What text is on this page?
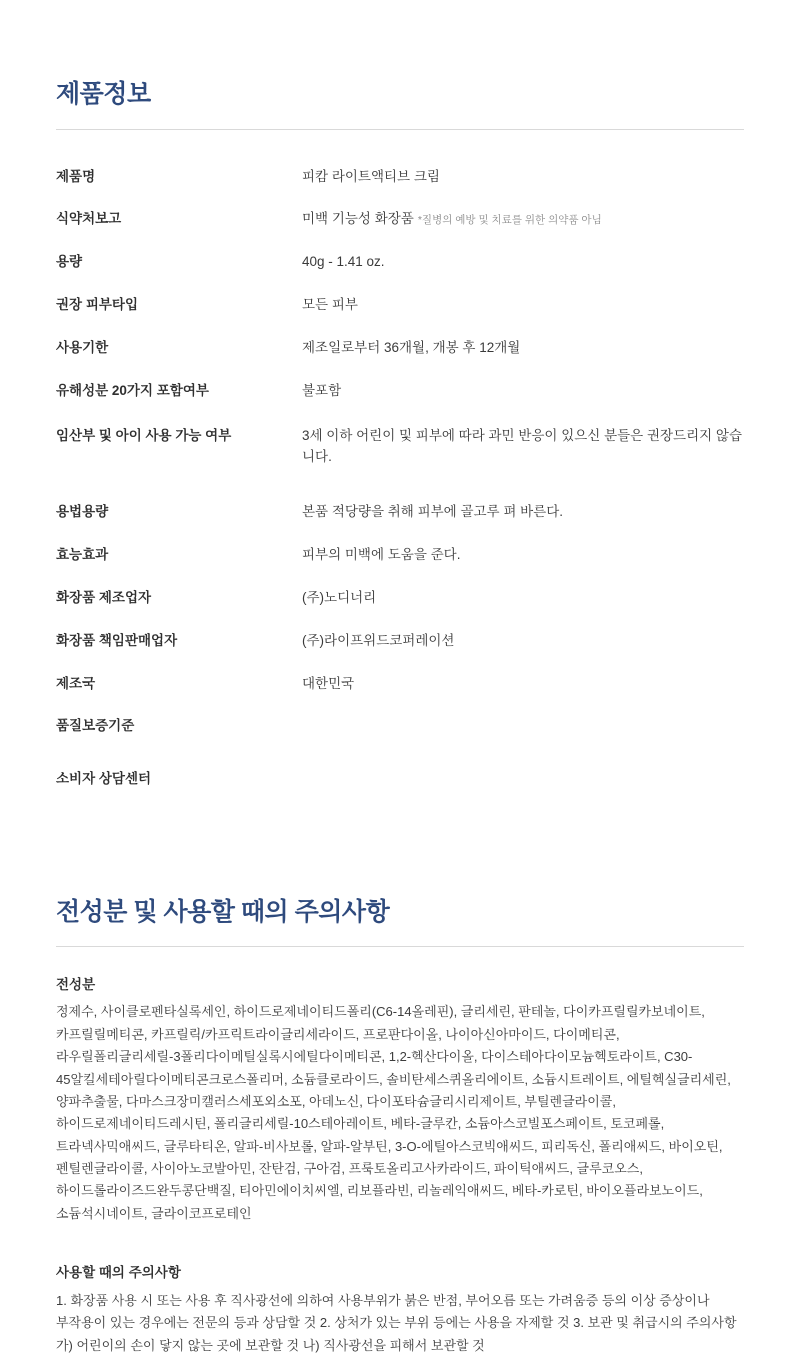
제품정보
제품명	피캄 라이트액티브 크림
식약처보고	미백 기능성 화장품 *질병의 예방 및 치료를 위한 의약품 아님
용량	40g - 1.41 oz.
권장 피부타입	모든 피부
사용기한	제조일로부터 36개월, 개봉 후 12개월
유해성분 20가지 포함여부	불포함
임산부 및 아이 사용 가능 여부	3세 이하 어린이 및 피부에 따라 과민 반응이 있으신 분들은 권장드리지 않습니다.

용법용량	본품 적당량을 취해 피부에 골고루 펴 바른다.
효능효과	피부의 미백에 도움을 준다.
화장품 제조업자	(주)노디너리
화장품 책임판매업자	(주)라이프위드코퍼레이션
제조국	대한민국
품질보증기준	

소비자 상담센터	
전성분 및 사용할 때의 주의사항
전성분

정제수, 사이클로펜타실록세인, 하이드로제네이티드폴리(C6-14올레핀), 글리세린, 판테놀, 다이카프릴릴카보네이트, 카프릴릴메티콘, 카프릴릭/카프릭트라이글리세라이드, 프로판다이올, 나이아신아마이드, 다이메티콘, 라우릴폴리글리세릴-3폴리다이메틸실록시에틸다이메티콘, 1,2-헥산다이올, 다이스테아다이모늄헥토라이트, C30-45알킬세테아릴다이메티콘크로스폴리머, 소듐클로라이드, 솔비탄세스퀴올리에이트, 소듐시트레이트, 에틸헥실글리세린, 양파추출물, 다마스크장미캘러스세포외소포, 아데노신, 다이포타슘글리시리제이트, 부틸렌글라이콜, 하이드로제네이티드레시틴, 폴리글리세릴-10스테아레이트, 베타-글루칸, 소듐아스코빌포스페이트, 토코페롤, 트라넥사믹애씨드, 글루타티온, 알파-비사보롤, 알파-알부틴, 3-O-에틸아스코빅애씨드, 피리독신, 폴리애씨드, 바이오틴, 펜틸렌글라이콜, 사이아노코발아민, 잔탄검, 구아검, 프룩토올리고사카라이드, 파이틱애씨드, 글루코오스, 하이드롤라이즈드완두콩단백질, 티아민에이치씨엘, 리보플라빈, 리놀레익애씨드, 베타-카로틴, 바이오플라보노이드, 소듐석시네이트, 글라이코프로테인

사용할 때의 주의사항

1. 화장품 사용 시 또는 사용 후 직사광선에 의하여 사용부위가 붉은 반점, 부어오름 또는 가려움증 등의 이상 증상이나 부작용이 있는 경우에는 전문의 등과 상담할 것 2. 상처가 있는 부위 등에는 사용을 자제할 것 3. 보관 및 취급시의 주의사항 가) 어린이의 손이 닿지 않는 곳에 보관할 것 나) 직사광선을 피해서 보관할 것
